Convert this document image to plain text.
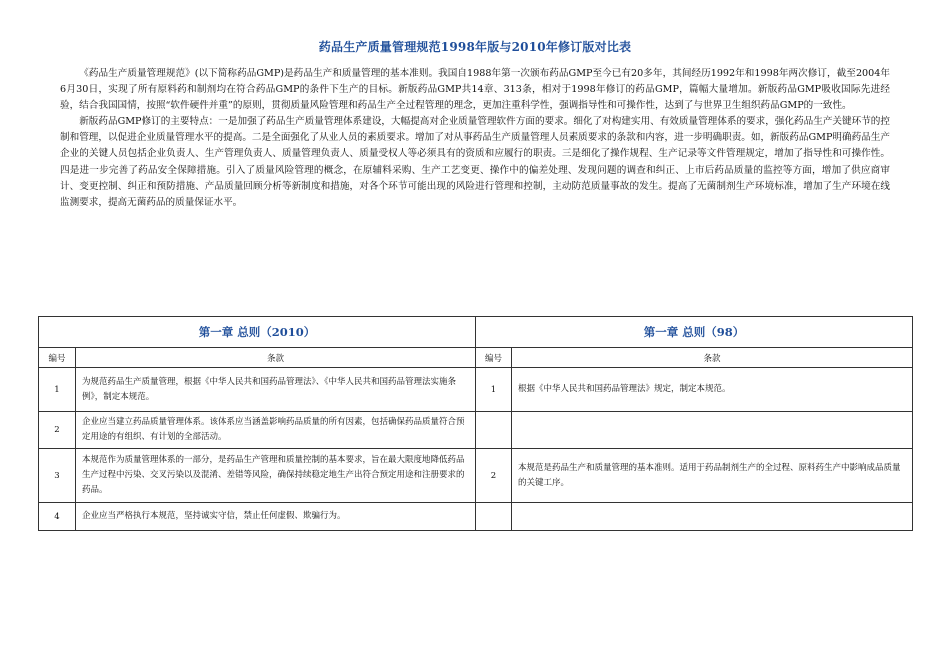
药品生产质量管理规范1998年版与2010年修订版对比表

《药品生产质量管理规范》(以下简称药品GMP)是药品生产和质量管理的基本准则。我国自1988年第一次颁布药品GMP至今已有20多年，其间经历1992年和1998年两次修订，截至2004年6月30日，实现了所有原料药和制剂均在符合药品GMP的条件下生产的目标。新版药品GMP共14章、313条，相对于1998年修订的药品GMP，篇幅大量增加。新版药品GMP吸收国际先进经验，结合我国国情，按照“软件硬件并重”的原则，贯彻质量风险管理和药品生产全过程管理的理念，更加注重科学性，强调指导性和可操作性，达到了与世界卫生组织药品GMP的一致性。

新版药品GMP修订的主要特点：一是加强了药品生产质量管理体系建设，大幅提高对企业质量管理软件方面的要求。细化了对构建实用、有效质量管理体系的要求，强化药品生产关键环节的控制和管理，以促进企业质量管理水平的提高。二是全面强化了从业人员的素质要求。增加了对从事药品生产质量管理人员素质要求的条款和内容，进一步明确职责。如，新版药品GMP明确药品生产企业的关键人员包括企业负责人、生产管理负责人、质量管理负责人、质量受权人等必须具有的资质和应履行的职责。三是细化了操作规程、生产记录等文件管理规定，增加了指导性和可操作性。四是进一步完善了药品安全保障措施。引入了质量风险管理的概念，在原辅料采购、生产工艺变更、操作中的偏差处理、发现问题的调查和纠正、上市后药品质量的监控等方面，增加了供应商审计、变更控制、纠正和预防措施、产品质量回顾分析等新制度和措施，对各个环节可能出现的风险进行管理和控制，主动防范质量事故的发生。提高了无菌制剂生产环境标准，增加了生产环境在线监测要求，提高无菌药品的质量保证水平。

第一章 总则（2010）		第一章 总则（98）	
编号	条款	编号	条款
1	为规范药品生产质量管理，根据《中华人民共和国药品管理法》、《中华人民共和国药品管理法实施条例》，制定本规范。	1	根据《中华人民共和国药品管理法》规定，制定本规范。
2	企业应当建立药品质量管理体系。该体系应当涵盖影响药品质量的所有因素，包括确保药品质量符合预定用途的有组织、有计划的全部活动。		
3	本规范作为质量管理体系的一部分，是药品生产管理和质量控制的基本要求，旨在最大限度地降低药品生产过程中污染、交叉污染以及混淆、差错等风险，确保持续稳定地生产出符合预定用途和注册要求的药品。	2	本规范是药品生产和质量管理的基本准则。适用于药品制剂生产的全过程、原料药生产中影响成品质量的关键工序。
4	企业应当严格执行本规范，坚持诚实守信，禁止任何虚假、欺骗行为。		
